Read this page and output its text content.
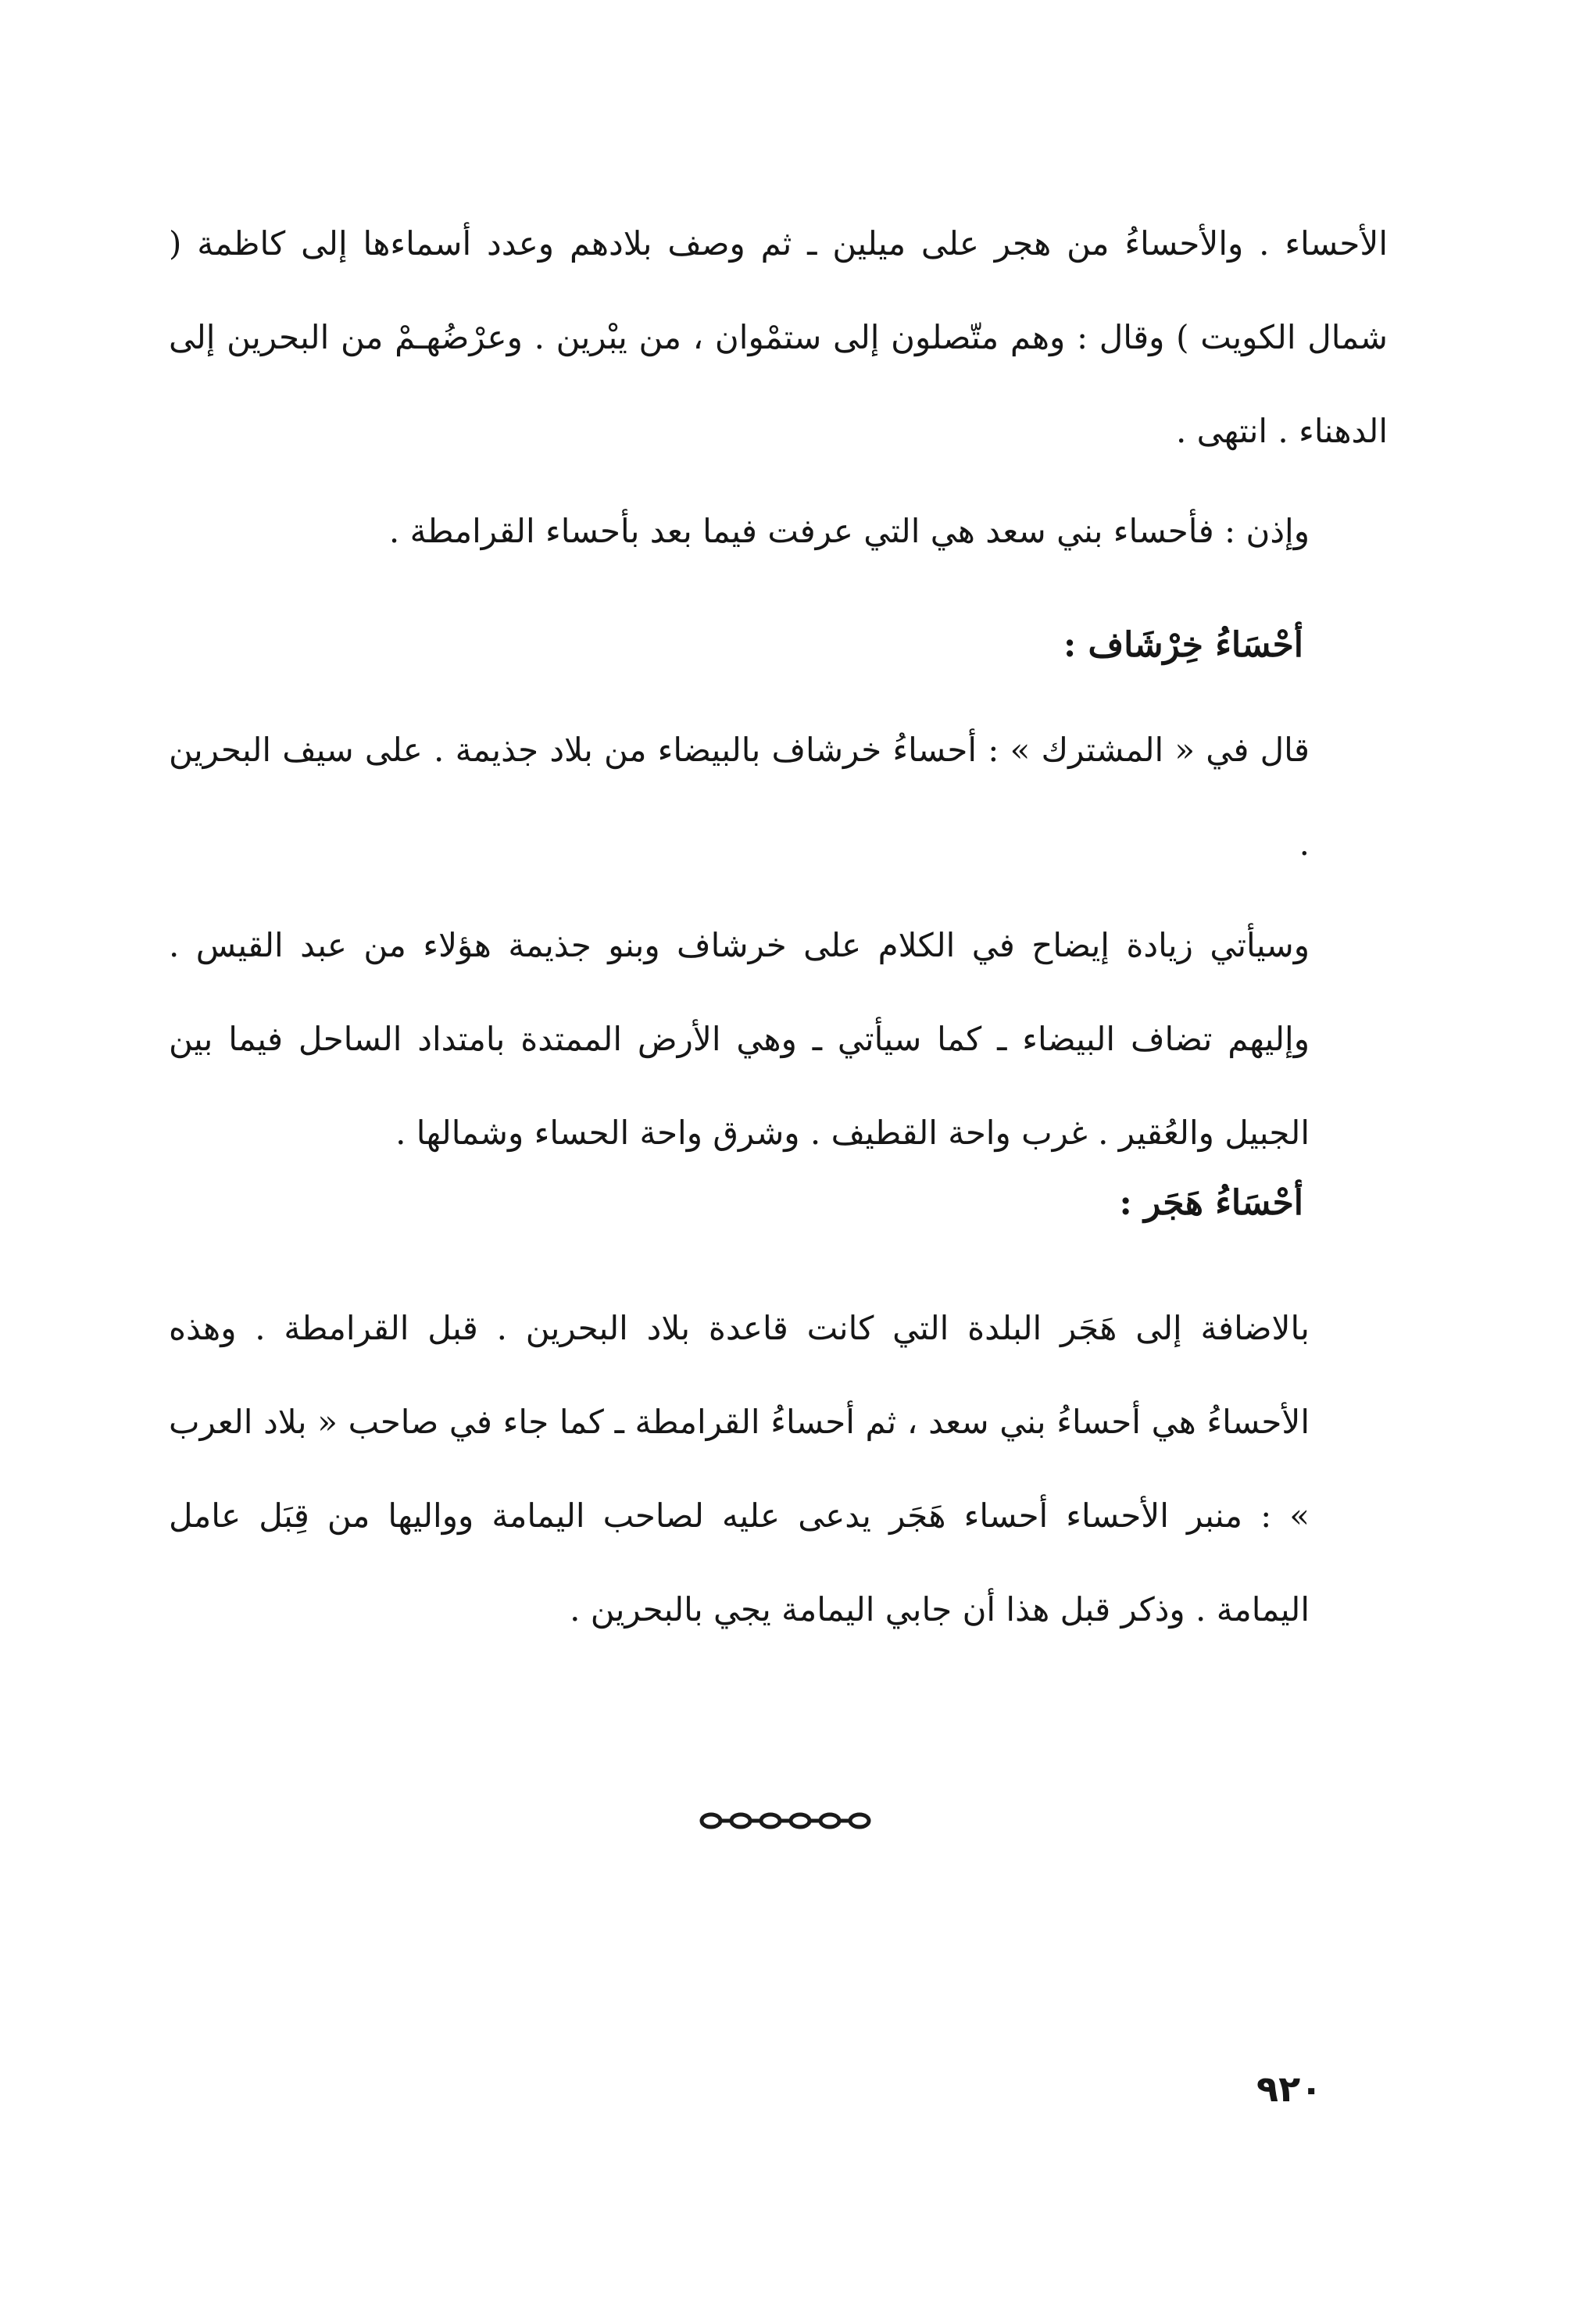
الأحساء . والأحساءُ من هجر على ميلين ـ ثم وصف بلادهم وعدد أسماءها إلى كاظمة ( شمال الكويت ) وقال : وهم متّصلون إلى ستمْوان ، من يبْرين . وعرْضُهـمْ من البحرين إلى الدهناء . انتهى .

وإذن : فأحساء بني سعد هي التي عرفت فيما بعد بأحساء القرامطة .

أحْسَاءُ خِرْشَاف :

قال في « المشترك » : أحساءُ خرشاف بالبيضاء من بلاد جذيمة . على سيف البحرين .

وسيأتي زيادة إيضاح في الكلام على خرشاف وبنو جذيمة هؤلاء من عبد القيس . وإليهم تضاف البيضاء ـ كما سيأتي ـ وهي الأرض الممتدة بامتداد الساحل فيما بين الجبيل والعُقير . غرب واحة القطيف . وشرق واحة الحساء وشمالها .

أحْسَاءُ هَجَر :

بالاضافة إلى هَجَر البلدة التي كانت قاعدة بلاد البحرين . قبل القرامطة . وهذه الأحساءُ هي أحساءُ بني سعد ، ثم أحساءُ القرامطة ـ كما جاء في صاحب « بلاد العرب » : منبر الأحساء أحساء هَجَر يدعى عليه لصاحب اليمامة وواليها من قِبَل عامل اليمامة . وذكر قبل هذا أن جابي اليمامة يجي بالبحرين .

٩٢٠
